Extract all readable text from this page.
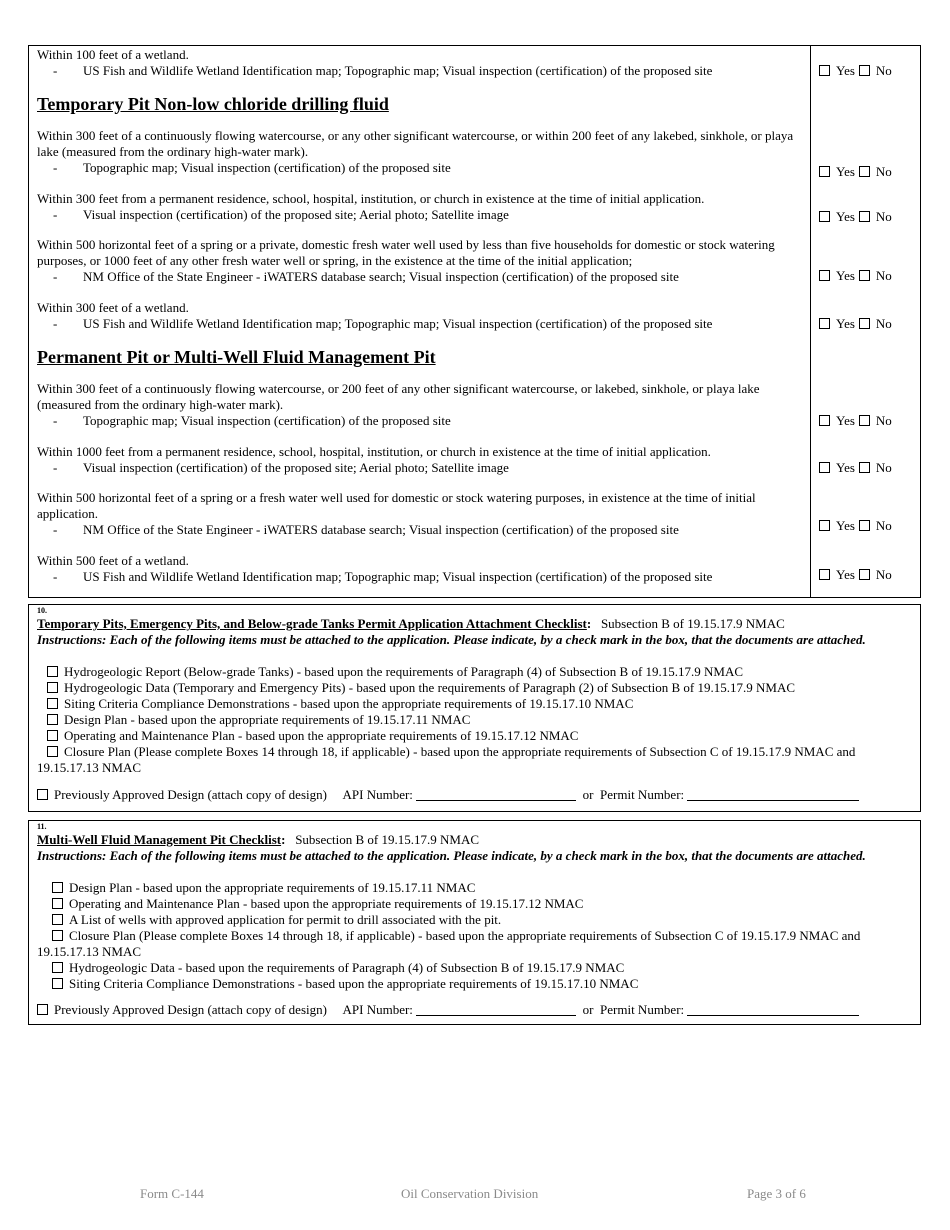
Within 100 feet of a wetland.
- US Fish and Wildlife Wetland Identification map; Topographic map; Visual inspection (certification) of the proposed site	Yes No
Temporary Pit Non-low chloride drilling fluid
Within 300 feet of a continuously flowing watercourse, or any other significant watercourse, or within 200 feet of any lakebed, sinkhole, or playa lake (measured from the ordinary high-water mark).
- Topographic map; Visual inspection (certification) of the proposed site	Yes No
Within 300 feet from a permanent residence, school, hospital, institution, or church in existence at the time of initial application.
- Visual inspection (certification) of the proposed site; Aerial photo; Satellite image	Yes No
Within 500 horizontal feet of a spring or a private, domestic fresh water well used by less than five households for domestic or stock watering purposes, or 1000 feet of any other fresh water well or spring, in the existence at the time of the initial application;
- NM Office of the State Engineer - iWATERS database search; Visual inspection (certification) of the proposed site	Yes No
Within 300 feet of a wetland.
- US Fish and Wildlife Wetland Identification map; Topographic map; Visual inspection (certification) of the proposed site	Yes No
Permanent Pit or Multi-Well Fluid Management Pit
Within 300 feet of a continuously flowing watercourse, or 200 feet of any other significant watercourse, or lakebed, sinkhole, or playa lake (measured from the ordinary high-water mark).
- Topographic map; Visual inspection (certification) of the proposed site	Yes No
Within 1000 feet from a permanent residence, school, hospital, institution, or church in existence at the time of initial application.
- Visual inspection (certification) of the proposed site; Aerial photo; Satellite image	Yes No
Within 500 horizontal feet of a spring or a fresh water well used for domestic or stock watering purposes, in existence at the time of initial application.
- NM Office of the State Engineer - iWATERS database search; Visual inspection (certification) of the proposed site	Yes No
Within 500 feet of a wetland.
- US Fish and Wildlife Wetland Identification map; Topographic map; Visual inspection (certification) of the proposed site	Yes No
10.
Temporary Pits, Emergency Pits, and Below-grade Tanks Permit Application Attachment Checklist: Subsection B of 19.15.17.9 NMAC
Instructions: Each of the following items must be attached to the application. Please indicate, by a check mark in the box, that the documents are attached.
Hydrogeologic Report (Below-grade Tanks) - based upon the requirements of Paragraph (4) of Subsection B of 19.15.17.9 NMAC
Hydrogeologic Data (Temporary and Emergency Pits) - based upon the requirements of Paragraph (2) of Subsection B of 19.15.17.9 NMAC
Siting Criteria Compliance Demonstrations - based upon the appropriate requirements of 19.15.17.10 NMAC
Design Plan - based upon the appropriate requirements of 19.15.17.11 NMAC
Operating and Maintenance Plan - based upon the appropriate requirements of 19.15.17.12 NMAC
Closure Plan (Please complete Boxes 14 through 18, if applicable) - based upon the appropriate requirements of Subsection C of 19.15.17.9 NMAC and 19.15.17.13 NMAC
Previously Approved Design (attach copy of design) API Number:	or Permit Number:
11.
Multi-Well Fluid Management Pit Checklist: Subsection B of 19.15.17.9 NMAC
Instructions: Each of the following items must be attached to the application. Please indicate, by a check mark in the box, that the documents are attached.
Design Plan - based upon the appropriate requirements of 19.15.17.11 NMAC
Operating and Maintenance Plan - based upon the appropriate requirements of 19.15.17.12 NMAC
A List of wells with approved application for permit to drill associated with the pit.
Closure Plan (Please complete Boxes 14 through 18, if applicable) - based upon the appropriate requirements of Subsection C of 19.15.17.9 NMAC and 19.15.17.13 NMAC
Hydrogeologic Data - based upon the requirements of Paragraph (4) of Subsection B of 19.15.17.9 NMAC
Siting Criteria Compliance Demonstrations - based upon the appropriate requirements of 19.15.17.10 NMAC
Previously Approved Design (attach copy of design) API Number:	or Permit Number:
Form C-144	Oil Conservation Division	Page 3 of 6
